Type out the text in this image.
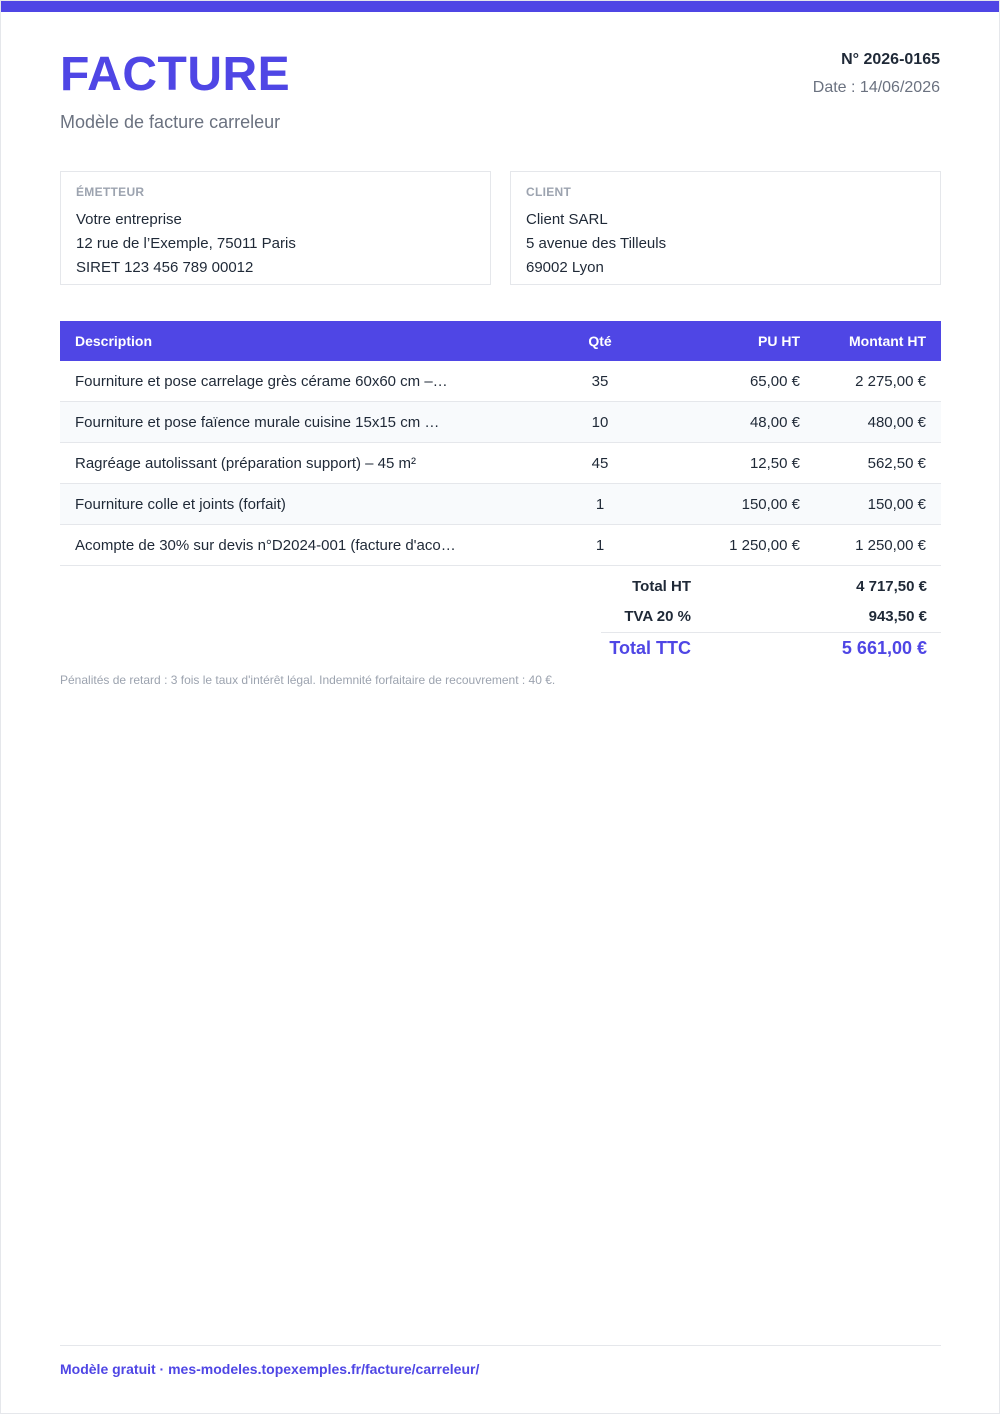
FACTURE
Modèle de facture carreleur
N° 2026-0165
Date : 14/06/2026
ÉMETTEUR
Votre entreprise
12 rue de l’Exemple, 75011 Paris
SIRET 123 456 789 00012
CLIENT
Client SARL
5 avenue des Tilleuls
69002 Lyon
Description	Qté	PU HT	Montant HT
Fourniture et pose carrelage grès cérame 60x60 cm –…	35	65,00 €	2 275,00 €
Fourniture et pose faïence murale cuisine 15x15 cm …	10	48,00 €	480,00 €
Ragréage autolissant (préparation support) – 45 m²	45	12,50 €	562,50 €
Fourniture colle et joints (forfait)	1	150,00 €	150,00 €
Acompte de 30% sur devis n°D2024-001 (facture d'aco…	1	1 250,00 €	1 250,00 €
Total HT	4 717,50 €
TVA 20 %	943,50 €
Total TTC	5 661,00 €
Pénalités de retard : 3 fois le taux d'intérêt légal. Indemnité forfaitaire de recouvrement : 40 €.
Modèle gratuit · mes-modeles.topexemples.fr/facture/carreleur/
